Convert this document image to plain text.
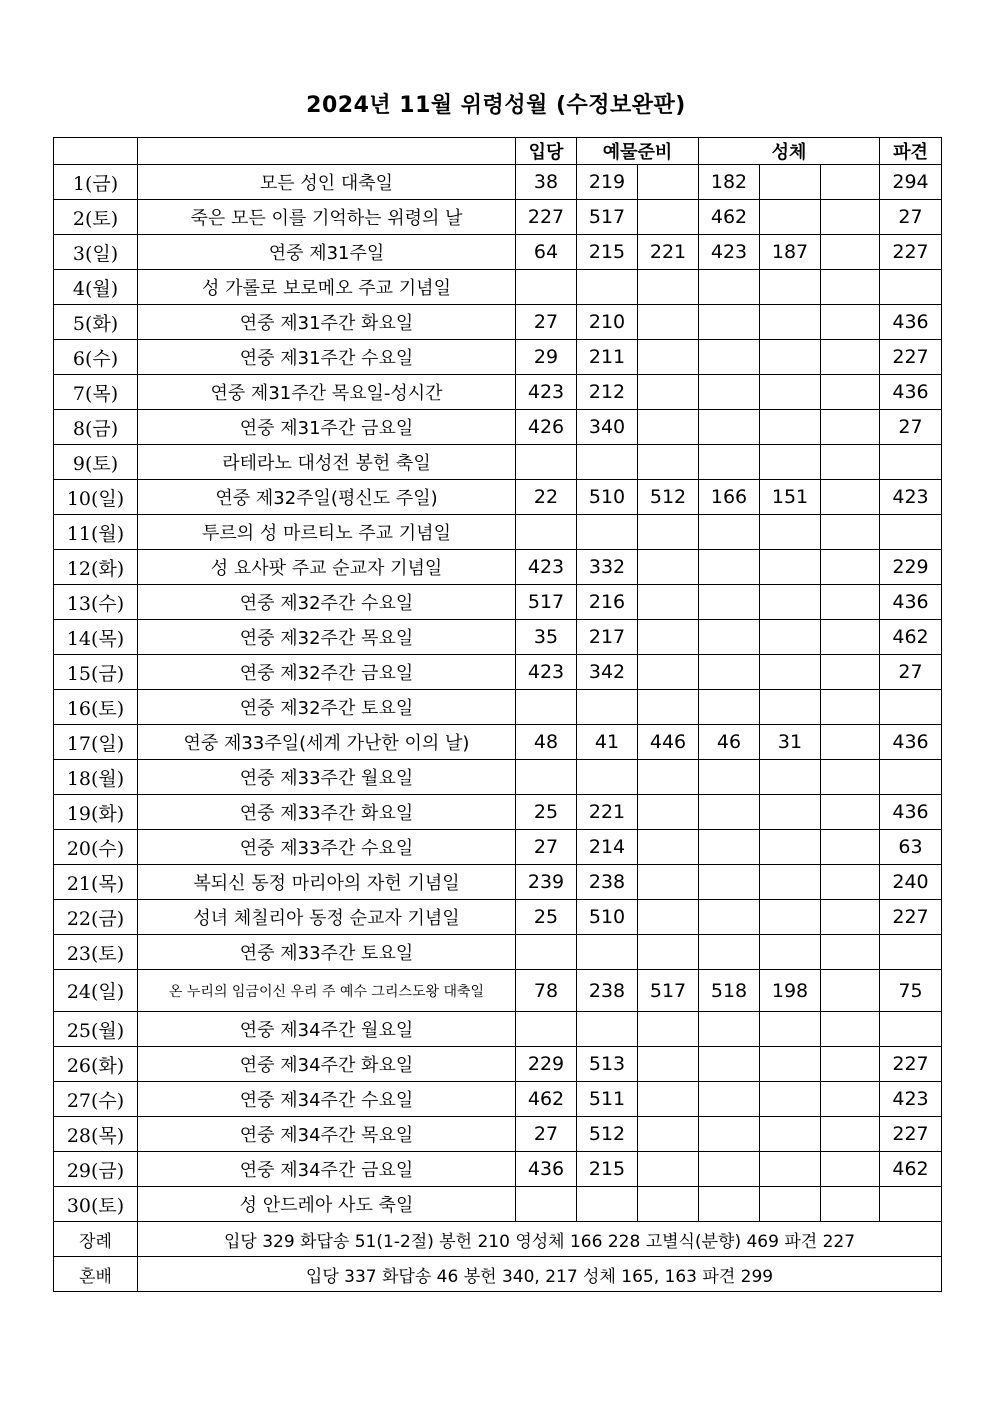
2024년 11월 위령성월 (수정보완판)
		입당	예물준비		성체			파견
1(금)	모든 성인 대축일	38	219		182			294
2(토)	죽은 모든 이를 기억하는 위령의 날	227	517		462			27
3(일)	연중 제31주일	64	215	221	423	187		227
4(월)	성 가롤로 보로메오 주교 기념일							
5(화)	연중 제31주간 화요일	27	210					436
6(수)	연중 제31주간 수요일	29	211					227
7(목)	연중 제31주간 목요일-성시간	423	212					436
8(금)	연중 제31주간 금요일	426	340					27
9(토)	라테라노 대성전 봉헌 축일							
10(일)	연중 제32주일(평신도 주일)	22	510	512	166	151		423
11(월)	투르의 성 마르티노 주교 기념일							
12(화)	성 요사팟 주교 순교자 기념일	423	332					229
13(수)	연중 제32주간 수요일	517	216					436
14(목)	연중 제32주간 목요일	35	217					462
15(금)	연중 제32주간 금요일	423	342					27
16(토)	연중 제32주간 토요일							
17(일)	연중 제33주일(세계 가난한 이의 날)	48	41	446	46	31		436
18(월)	연중 제33주간 월요일							
19(화)	연중 제33주간 화요일	25	221					436
20(수)	연중 제33주간 수요일	27	214					63
21(목)	복되신 동정 마리아의 자헌 기념일	239	238					240
22(금)	성녀 체칠리아 동정 순교자 기념일	25	510					227
23(토)	연중 제33주간 토요일							
24(일)	온 누리의 임금이신 우리 주 예수 그리스도왕 대축일	78	238	517	518	198		75
25(월)	연중 제34주간 월요일							
26(화)	연중 제34주간 화요일	229	513					227
27(수)	연중 제34주간 수요일	462	511					423
28(목)	연중 제34주간 목요일	27	512					227
29(금)	연중 제34주간 금요일	436	215					462
30(토)	성 안드레아 사도 축일							
장례	입당 329 화답송 51(1-2절) 봉헌 210 영성체 166 228 고별식(분향) 469 파견 227							
혼배	입당 337 화답송 46 봉헌 340, 217 성체 165, 163 파견 299							
